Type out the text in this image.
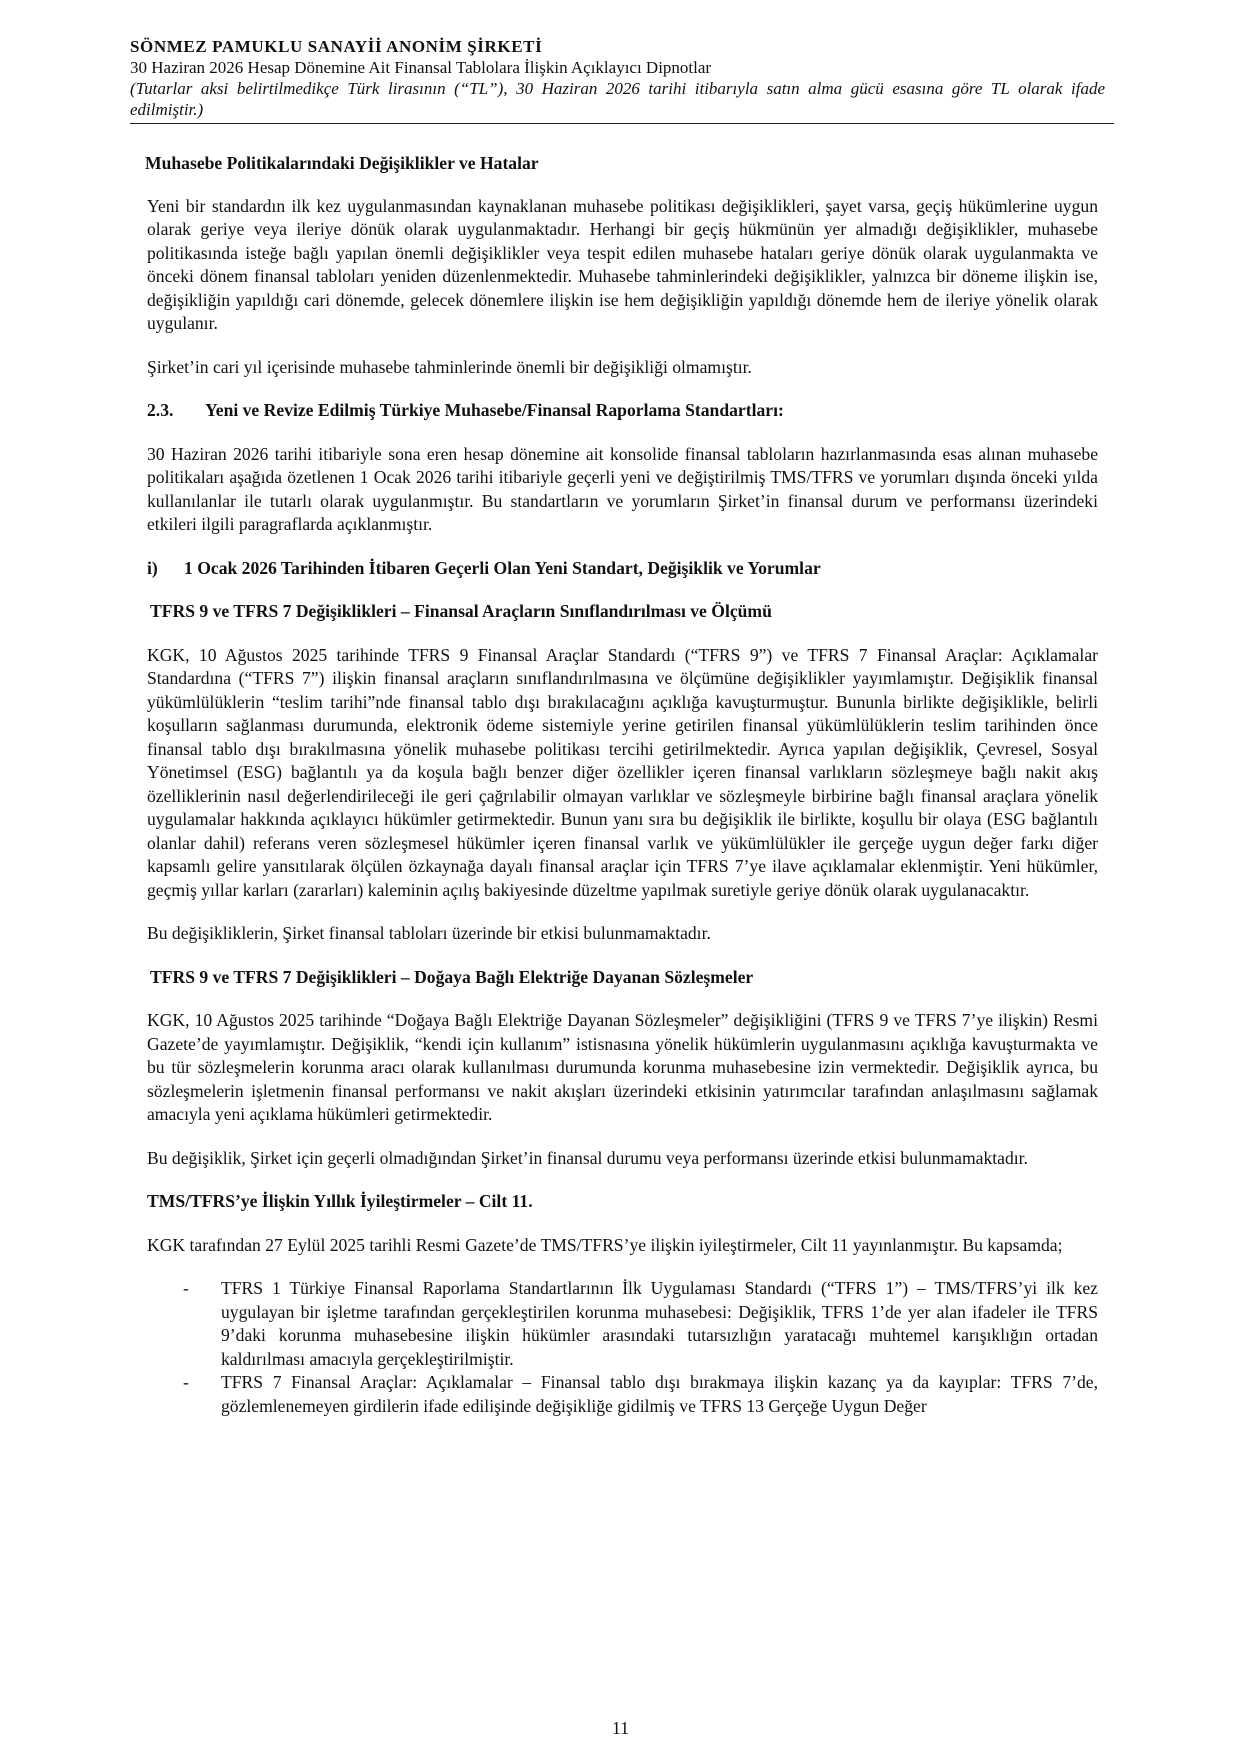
SÖNMEZ PAMUKLU SANAYİİ ANONİM ŞİRKETİ
30 Haziran 2026 Hesap Dönemine Ait Finansal Tablolara İlişkin Açıklayıcı Dipnotlar
(Tutarlar aksi belirtilmedikçe Türk lirasının (“TL”), 30 Haziran 2026 tarihi itibarıyla satın alma gücü esasına göre TL olarak ifade edilmiştir.)

Muhasebe Politikalarındaki Değişiklikler ve Hatalar

Yeni bir standardın ilk kez uygulanmasından kaynaklanan muhasebe politikası değişiklikleri, şayet varsa, geçiş hükümlerine uygun olarak geriye veya ileriye dönük olarak uygulanmaktadır. Herhangi bir geçiş hükmünün yer almadığı değişiklikler, muhasebe politikasında isteğe bağlı yapılan önemli değişiklikler veya tespit edilen muhasebe hataları geriye dönük olarak uygulanmakta ve önceki dönem finansal tabloları yeniden düzenlenmektedir. Muhasebe tahminlerindeki değişiklikler, yalnızca bir döneme ilişkin ise, değişikliğin yapıldığı cari dönemde, gelecek dönemlere ilişkin ise hem değişikliğin yapıldığı dönemde hem de ileriye yönelik olarak uygulanır.

Şirket’in cari yıl içerisinde muhasebe tahminlerinde önemli bir değişikliği olmamıştır.

2.3. Yeni ve Revize Edilmiş Türkiye Muhasebe/Finansal Raporlama Standartları:

30 Haziran 2026 tarihi itibariyle sona eren hesap dönemine ait konsolide finansal tabloların hazırlanmasında esas alınan muhasebe politikaları aşağıda özetlenen 1 Ocak 2026 tarihi itibariyle geçerli yeni ve değiştirilmiş TMS/TFRS ve yorumları dışında önceki yılda kullanılanlar ile tutarlı olarak uygulanmıştır. Bu standartların ve yorumların Şirket’in finansal durum ve performansı üzerindeki etkileri ilgili paragraflarda açıklanmıştır.

i) 1 Ocak 2026 Tarihinden İtibaren Geçerli Olan Yeni Standart, Değişiklik ve Yorumlar

TFRS 9 ve TFRS 7 Değişiklikleri – Finansal Araçların Sınıflandırılması ve Ölçümü

KGK, 10 Ağustos 2025 tarihinde TFRS 9 Finansal Araçlar Standardı (“TFRS 9”) ve TFRS 7 Finansal Araçlar: Açıklamalar Standardına (“TFRS 7”) ilişkin finansal araçların sınıflandırılmasına ve ölçümüne değişiklikler yayımlamıştır. Değişiklik finansal yükümlülüklerin “teslim tarihi”nde finansal tablo dışı bırakılacağını açıklığa kavuşturmuştur. Bununla birlikte değişiklikle, belirli koşulların sağlanması durumunda, elektronik ödeme sistemiyle yerine getirilen finansal yükümlülüklerin teslim tarihinden önce finansal tablo dışı bırakılmasına yönelik muhasebe politikası tercihi getirilmektedir. Ayrıca yapılan değişiklik, Çevresel, Sosyal Yönetimsel (ESG) bağlantılı ya da koşula bağlı benzer diğer özellikler içeren finansal varlıkların sözleşmeye bağlı nakit akış özelliklerinin nasıl değerlendirileceği ile geri çağrılabilir olmayan varlıklar ve sözleşmeyle birbirine bağlı finansal araçlara yönelik uygulamalar hakkında açıklayıcı hükümler getirmektedir. Bunun yanı sıra bu değişiklik ile birlikte, koşullu bir olaya (ESG bağlantılı olanlar dahil) referans veren sözleşmesel hükümler içeren finansal varlık ve yükümlülükler ile gerçeğe uygun değer farkı diğer kapsamlı gelire yansıtılarak ölçülen özkaynağa dayalı finansal araçlar için TFRS 7’ye ilave açıklamalar eklenmiştir. Yeni hükümler, geçmiş yıllar karları (zararları) kaleminin açılış bakiyesinde düzeltme yapılmak suretiyle geriye dönük olarak uygulanacaktır.

Bu değişikliklerin, Şirket finansal tabloları üzerinde bir etkisi bulunmamaktadır.

TFRS 9 ve TFRS 7 Değişiklikleri – Doğaya Bağlı Elektriğe Dayanan Sözleşmeler

KGK, 10 Ağustos 2025 tarihinde “Doğaya Bağlı Elektriğe Dayanan Sözleşmeler” değişikliğini (TFRS 9 ve TFRS 7’ye ilişkin) Resmi Gazete’de yayımlamıştır. Değişiklik, “kendi için kullanım” istisnasına yönelik hükümlerin uygulanmasını açıklığa kavuşturmakta ve bu tür sözleşmelerin korunma aracı olarak kullanılması durumunda korunma muhasebesine izin vermektedir. Değişiklik ayrıca, bu sözleşmelerin işletmenin finansal performansı ve nakit akışları üzerindeki etkisinin yatırımcılar tarafından anlaşılmasını sağlamak amacıyla yeni açıklama hükümleri getirmektedir.

Bu değişiklik, Şirket için geçerli olmadığından Şirket’in finansal durumu veya performansı üzerinde etkisi bulunmamaktadır.

TMS/TFRS’ye İlişkin Yıllık İyileştirmeler – Cilt 11.

KGK tarafından 27 Eylül 2025 tarihli Resmi Gazete’de TMS/TFRS’ye ilişkin iyileştirmeler, Cilt 11 yayınlanmıştır. Bu kapsamda;

- TFRS 1 Türkiye Finansal Raporlama Standartlarının İlk Uygulaması Standardı (“TFRS 1”) – TMS/TFRS’yi ilk kez uygulayan bir işletme tarafından gerçekleştirilen korunma muhasebesi: Değişiklik, TFRS 1’de yer alan ifadeler ile TFRS 9’daki korunma muhasebesine ilişkin hükümler arasındaki tutarsızlığın yaratacağı muhtemel karışıklığın ortadan kaldırılması amacıyla gerçekleştirilmiştir.
- TFRS 7 Finansal Araçlar: Açıklamalar – Finansal tablo dışı bırakmaya ilişkin kazanç ya da kayıplar: TFRS 7’de, gözlemlenemeyen girdilerin ifade edilişinde değişikliğe gidilmiş ve TFRS 13 Gerçeğe Uygun Değer
11
